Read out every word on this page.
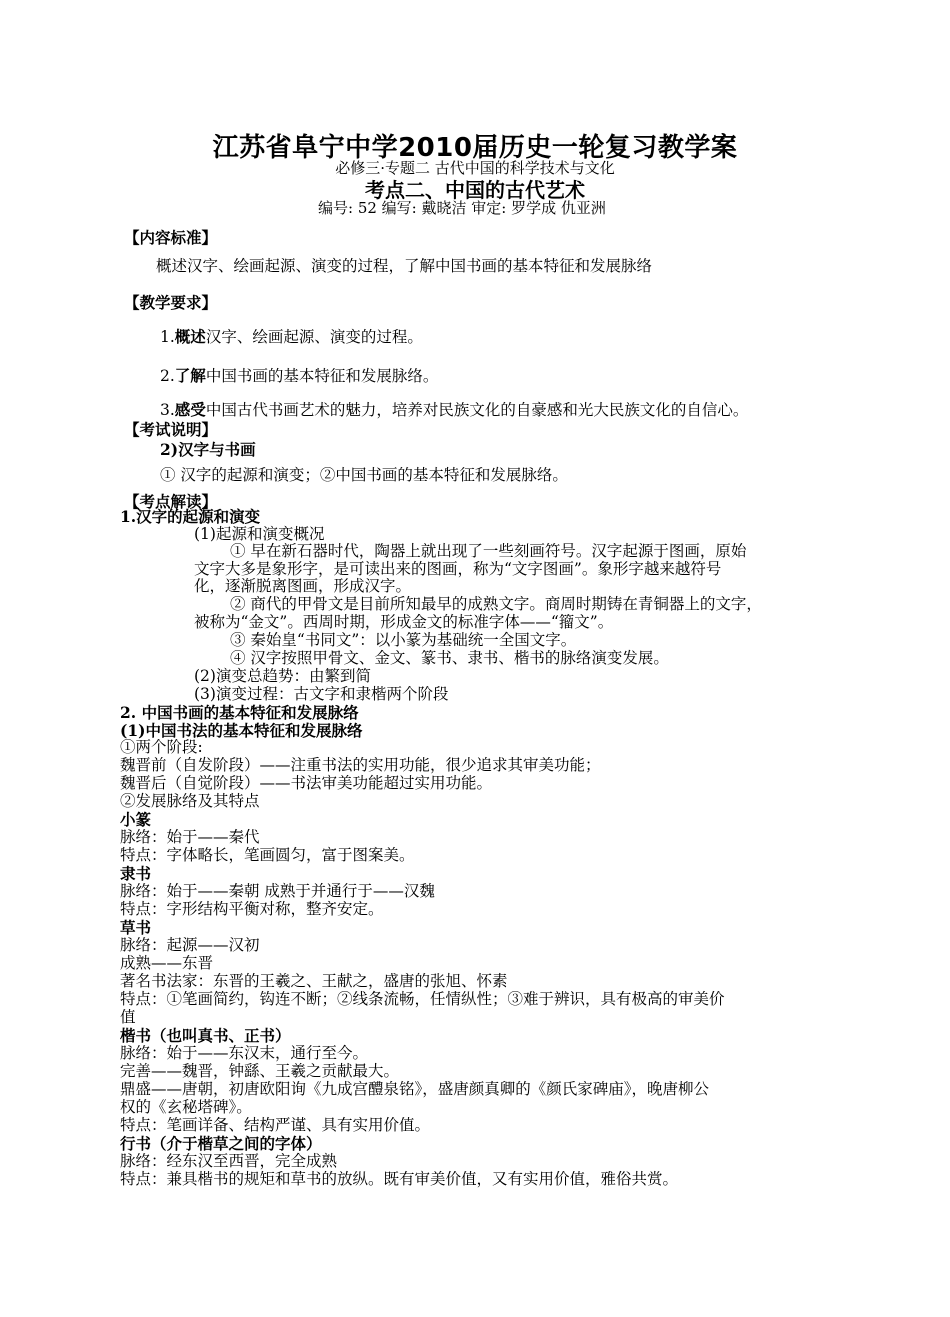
江苏省阜宁中学2010届历史一轮复习教学案
必修三·专题二 古代中国的科学技术与文化
考点二、中国的古代艺术
编号: 52 编写: 戴晓洁 审定: 罗学成 仇亚洲
【内容标准】
概述汉字、绘画起源、演变的过程，了解中国书画的基本特征和发展脉络
【教学要求】
1.概述汉字、绘画起源、演变的过程。
2.了解中国书画的基本特征和发展脉络。
3.感受中国古代书画艺术的魅力，培养对民族文化的自豪感和光大民族文化的自信心。
【考试说明】
2)汉字与书画
① 汉字的起源和演变；②中国书画的基本特征和发展脉络。
【考点解读】
1.汉字的起源和演变
(1)起源和演变概况
① 早在新石器时代，陶器上就出现了一些刻画符号。汉字起源于图画，原始
文字大多是象形字，是可读出来的图画，称为“文字图画”。象形字越来越符号
化，逐渐脱离图画，形成汉字。
② 商代的甲骨文是目前所知最早的成熟文字。商周时期铸在青铜器上的文字，
被称为“金文”。西周时期，形成金文的标准字体——“籀文”。
③ 秦始皇“书同文”：以小篆为基础统一全国文字。
④ 汉字按照甲骨文、金文、篆书、隶书、楷书的脉络演变发展。
(2)演变总趋势：由繁到简
(3)演变过程：古文字和隶楷两个阶段
2. 中国书画的基本特征和发展脉络
(1)中国书法的基本特征和发展脉络
①两个阶段:
魏晋前（自发阶段）——注重书法的实用功能，很少追求其审美功能；
魏晋后（自觉阶段）——书法审美功能超过实用功能。
②发展脉络及其特点
小篆
脉络：始于——秦代
特点：字体略长，笔画圆匀，富于图案美。
隶书
脉络：始于——秦朝 成熟于并通行于——汉魏
特点：字形结构平衡对称，整齐安定。
草书
脉络：起源——汉初
成熟——东晋
著名书法家：东晋的王羲之、王献之，盛唐的张旭、怀素
特点：①笔画简约，钩连不断；②线条流畅，任情纵性；③难于辨识，具有极高的审美价
值
楷书（也叫真书、正书）
脉络：始于——东汉末，通行至今。
完善——魏晋，钟繇、王羲之贡献最大。
鼎盛——唐朝，初唐欧阳询《九成宫醴泉铭》，盛唐颜真卿的《颜氏家碑庙》，晚唐柳公
权的《玄秘塔碑》。
特点：笔画详备、结构严谨、具有实用价值。
行书（介于楷草之间的字体）
脉络：经东汉至西晋，完全成熟
特点：兼具楷书的规矩和草书的放纵。既有审美价值，又有实用价值，雅俗共赏。
